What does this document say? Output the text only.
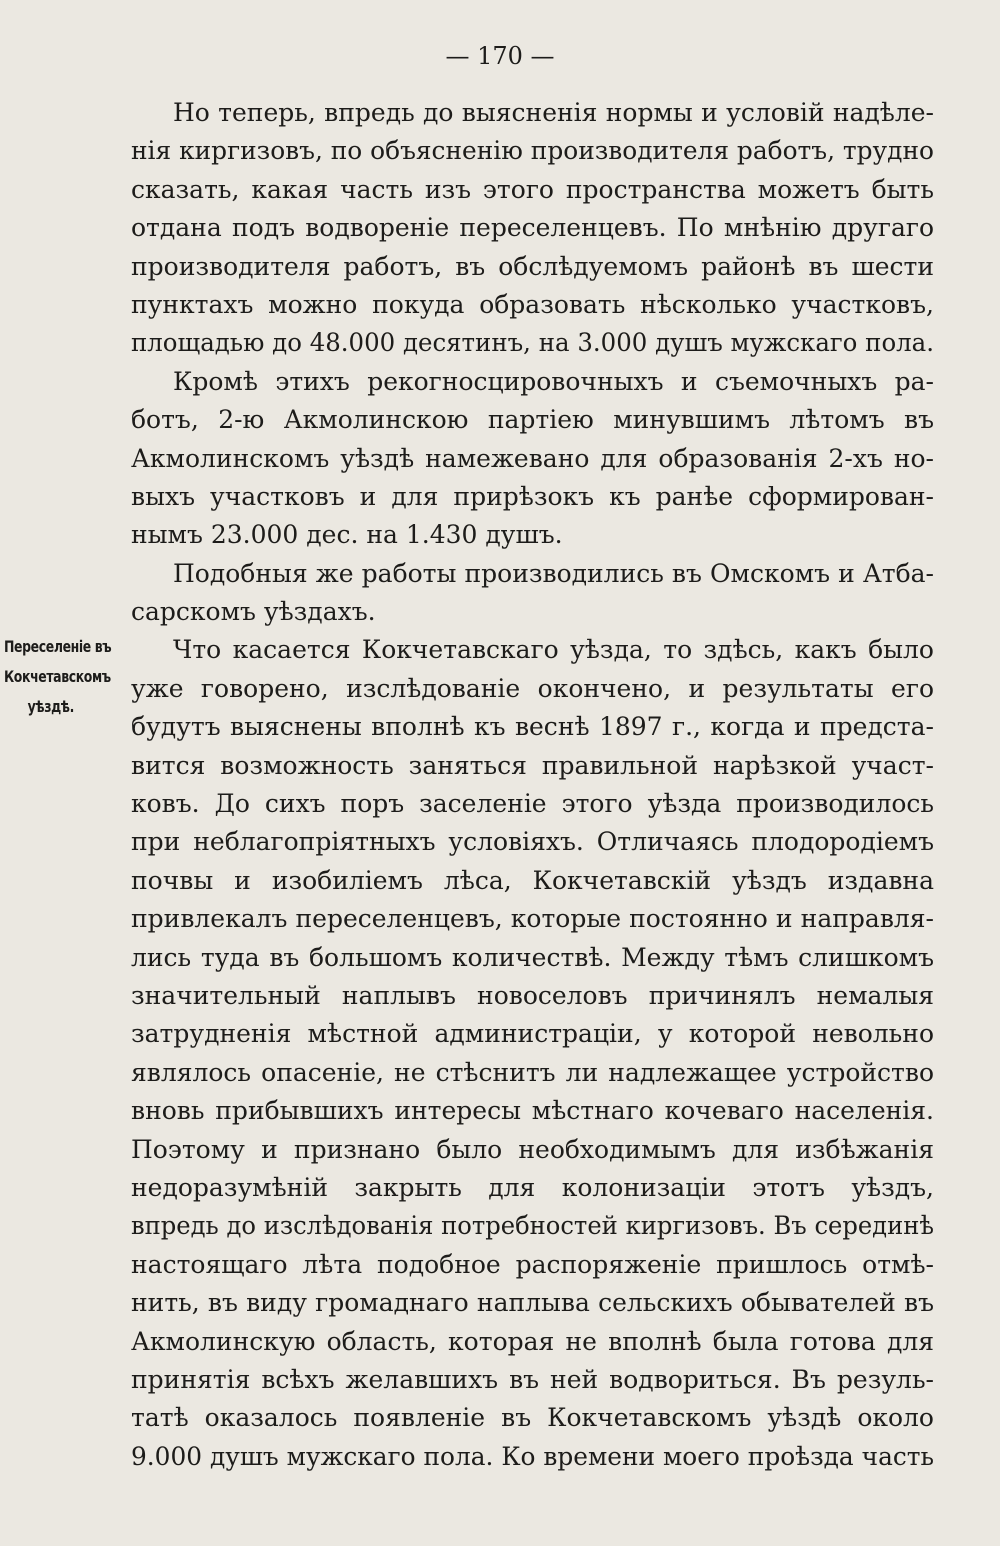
— 170 —
Переселеніе въ
Кокчетавскомъ
уѣздѣ.

Но теперь, впредь до выясненія нормы и условій надѣле-
нія киргизовъ, по объясненію производителя работъ, трудно
сказать, какая часть изъ этого пространства можетъ быть
отдана подъ водвореніе переселенцевъ. По мнѣнію другаго
производителя работъ, въ обслѣдуемомъ районѣ въ шести
пунктахъ можно покуда образовать нѣсколько участковъ,
площадью до 48.000 десятинъ, на 3.000 душъ мужскаго пола.

Кромѣ этихъ рекогносцировочныхъ и съемочныхъ ра-
ботъ, 2-ю Акмолинскою партіею минувшимъ лѣтомъ въ
Акмолинскомъ уѣздѣ намежевано для образованія 2-хъ но-
выхъ участковъ и для прирѣзокъ къ ранѣе сформирован-
нымъ 23.000 дес. на 1.430 душъ.

Подобныя же работы производились въ Омскомъ и Атба-
сарскомъ уѣздахъ.

Что касается Кокчетавскаго уѣзда, то здѣсь, какъ было
уже говорено, изслѣдованіе окончено, и результаты его
будутъ выяснены вполнѣ къ веснѣ 1897 г., когда и предста-
вится возможность заняться правильной нарѣзкой участ-
ковъ. До сихъ поръ заселеніе этого уѣзда производилось
при неблагопріятныхъ условіяхъ. Отличаясь плодородіемъ
почвы и изобиліемъ лѣса, Кокчетавскій уѣздъ издавна
привлекалъ переселенцевъ, которые постоянно и направля-
лись туда въ большомъ количествѣ. Между тѣмъ слишкомъ
значительный наплывъ новоселовъ причинялъ немалыя
затрудненія мѣстной администраціи, у которой невольно
являлось опасеніе, не стѣснитъ ли надлежащее устройство
вновь прибывшихъ интересы мѣстнаго кочеваго населенія.
Поэтому и признано было необходимымъ для избѣжанія
недоразумѣній закрыть для колонизаціи этотъ уѣздъ,
впредь до изслѣдованія потребностей киргизовъ. Въ серединѣ
настоящаго лѣта подобное распоряженіе пришлось отмѣ-
нить, въ виду громаднаго наплыва сельскихъ обывателей въ
Акмолинскую область, которая не вполнѣ была готова для
принятія всѣхъ желавшихъ въ ней водвориться. Въ резуль-
татѣ оказалось появленіе въ Кокчетавскомъ уѣздѣ около
9.000 душъ мужскаго пола. Ко времени моего проѣзда часть
